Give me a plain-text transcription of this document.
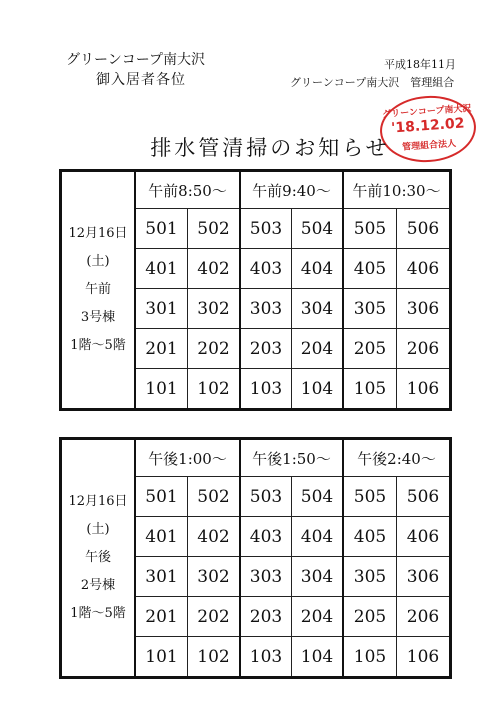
グリーンコープ南大沢
御入居者各位
平成18年11月
グリーンコープ南大沢　管理組合
グリーンコープ南大沢
'18.12.02
管理組合法人
排水管清掃のお知らせ
12月16日
(土)
午前
3号棟
1階～5階	午前8:50～		午前9:40～		午前10:30～	
	501	502	503	504	505	506
	401	402	403	404	405	406
	301	302	303	304	305	306
	201	202	203	204	205	206
	101	102	103	104	105	106
12月16日
(土)
午後
2号棟
1階～5階	午後1:00～		午後1:50～		午後2:40～	
	501	502	503	504	505	506
	401	402	403	404	405	406
	301	302	303	304	305	306
	201	202	203	204	205	206
	101	102	103	104	105	106
